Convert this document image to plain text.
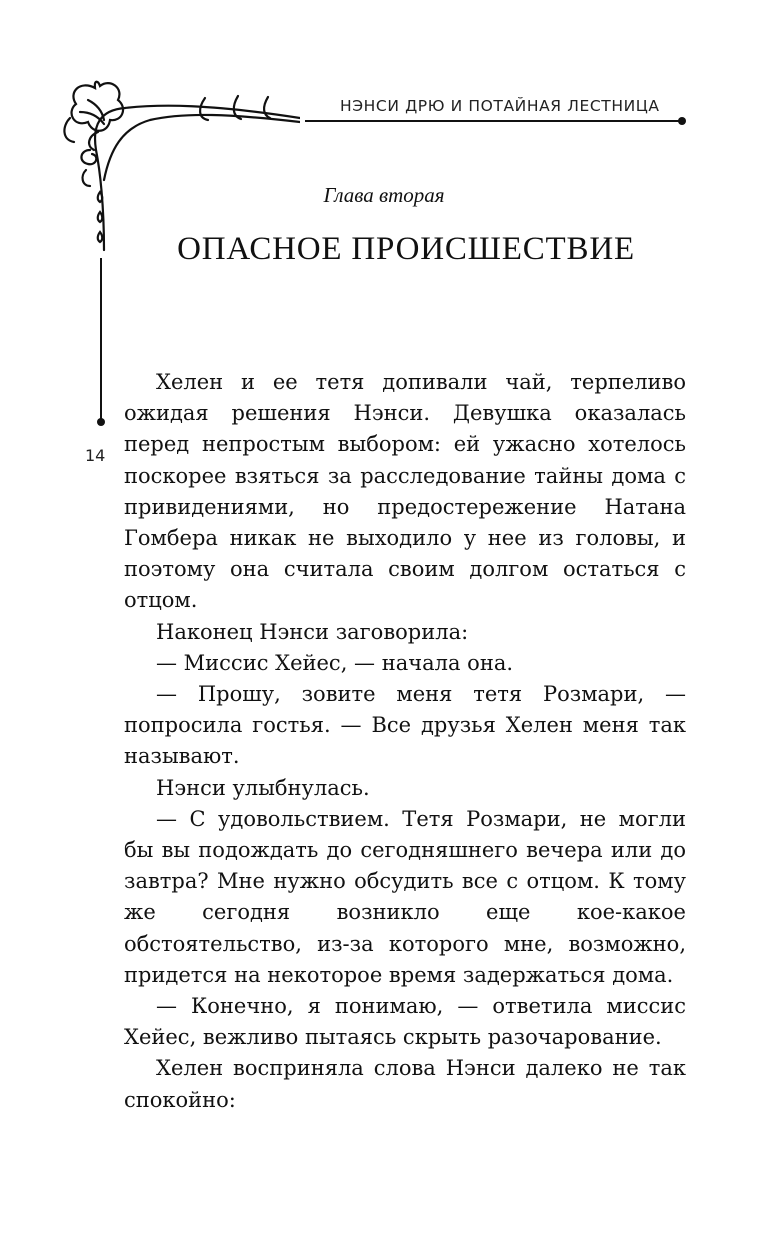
НЭНСИ ДРЮ И ПОТАЙНАЯ ЛЕСТНИЦА
14
Глава вторая
ОПАСНОЕ ПРОИСШЕСТВИЕ

Хелен и ее тетя допивали чай, терпеливо ожидая решения Нэнси. Девушка оказалась перед непростым выбором: ей ужасно хотелось поскорее взяться за расследование тайны дома с привидениями, но предостережение Натана Гомбера никак не выходило у нее из головы, и поэтому она считала своим долгом остаться с отцом.

Наконец Нэнси заговорила:

— Миссис Хейес, — начала она.

— Прошу, зовите меня тетя Розмари, — попросила гостья. — Все друзья Хелен меня так называют.

Нэнси улыбнулась.

— С удовольствием. Тетя Розмари, не могли бы вы подождать до сегодняшнего вечера или до завтра? Мне нужно обсудить все с отцом. К тому же сегодня возникло еще кое-какое обстоятельство, из-за которого мне, возможно, придется на некоторое время задержаться дома.

— Конечно, я понимаю, — ответила миссис Хейес, вежливо пытаясь скрыть разочарование.

Хелен восприняла слова Нэнси далеко не так спокойно:
